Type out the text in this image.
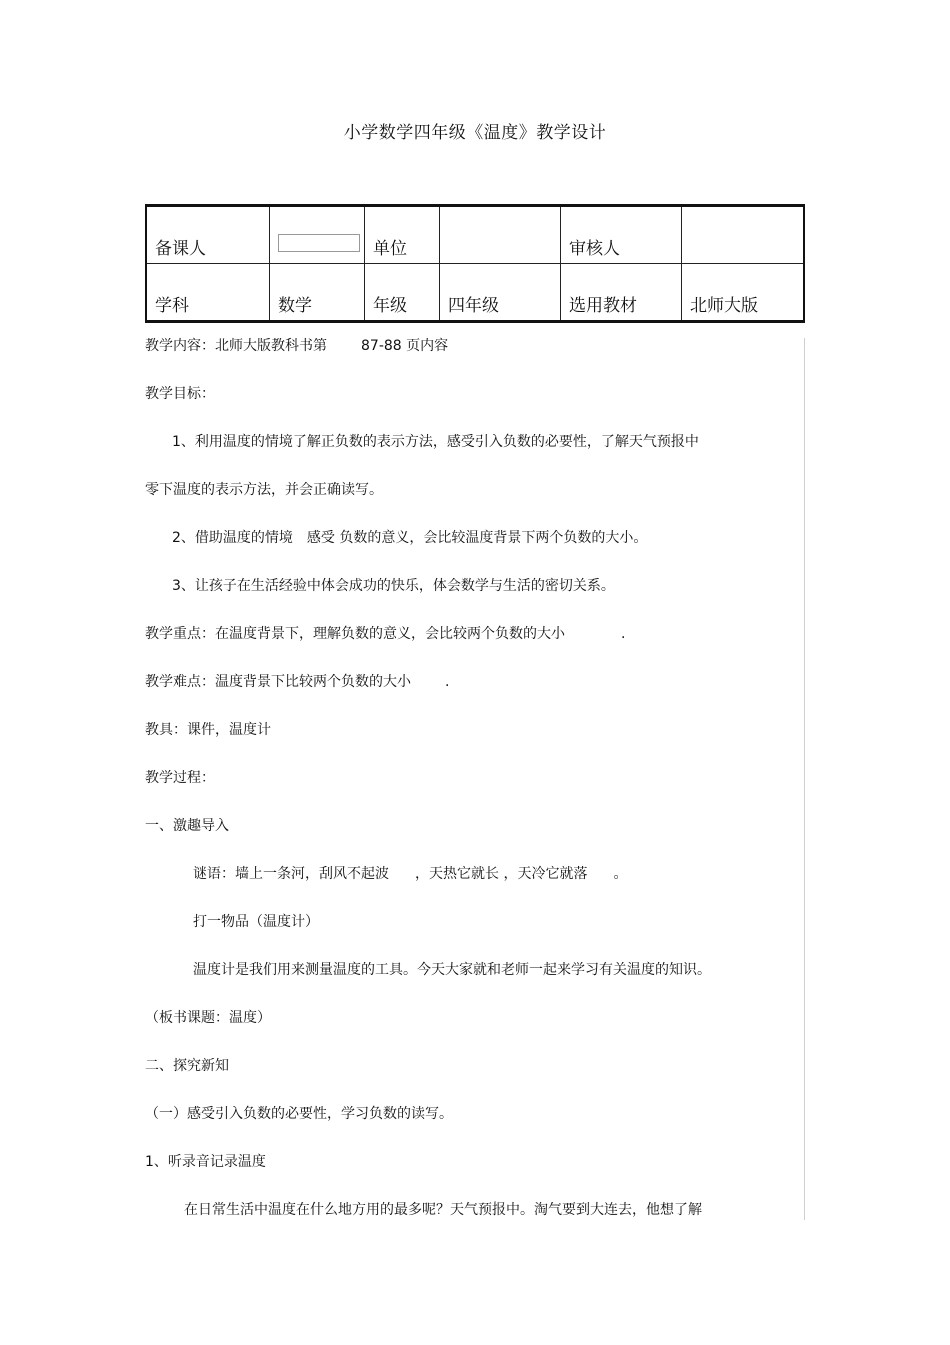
小学数学四年级《温度》教学设计
备课人		单位		审核人	
学科	数学	年级	四年级	选用教材	北师大版
教学内容：北师大版教科书第 87-88 页内容
教学目标：
1、利用温度的情境了解正负数的表示方法，感受引入负数的必要性，了解天气预报中
零下温度的表示方法，并会正确读写。
2、借助温度的情境 感受 负数的意义，会比较温度背景下两个负数的大小。
3、让孩子在生活经验中体会成功的快乐，体会数学与生活的密切关系。
教学重点：在温度背景下，理解负数的意义，会比较两个负数的大小	.
教学难点：温度背景下比较两个负数的大小 .
教具：课件，温度计
教学过程：
一、激趣导入
谜语：墙上一条河，刮风不起波 ，天热它就长 ，天冷它就落 。
打一物品（温度计）
温度计是我们用来测量温度的工具。今天大家就和老师一起来学习有关温度的知识。
（板书课题：温度）
二、探究新知
（一）感受引入负数的必要性，学习负数的读写。
1、听录音记录温度
在日常生活中温度在什么地方用的最多呢？天气预报中。淘气要到大连去，他想了解
